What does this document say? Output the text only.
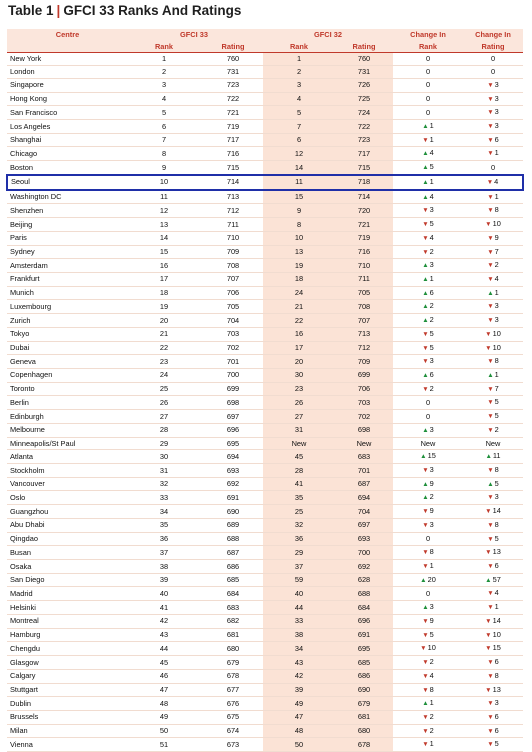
Table 1 | GFCI 33 Ranks And Ratings
Centre	GFCI 33		GFCI 32		Change In	Change In
	Rank	Rating	Rank	Rating	Rank	Rating
New York	1	760	1	760	0	0
London	2	731	2	731	0	0
Singapore	3	723	3	726	0	▼3
Hong Kong	4	722	4	725	0	▼3
San Francisco	5	721	5	724	0	▼3
Los Angeles	6	719	7	722	▲1	▼3
Shanghai	7	717	6	723	▼1	▼6
Chicago	8	716	12	717	▲4	▼1
Boston	9	715	14	715	▲5	0
Seoul	10	714	11	718	▲1	▼4
Washington DC	11	713	15	714	▲4	▼1
Shenzhen	12	712	9	720	▼3	▼8
Beijing	13	711	8	721	▼5	▼10
Paris	14	710	10	719	▼4	▼9
Sydney	15	709	13	716	▼2	▼7
Amsterdam	16	708	19	710	▲3	▼2
Frankfurt	17	707	18	711	▲1	▼4
Munich	18	706	24	705	▲6	▲1
Luxembourg	19	705	21	708	▲2	▼3
Zurich	20	704	22	707	▲2	▼3
Tokyo	21	703	16	713	▼5	▼10
Dubai	22	702	17	712	▼5	▼10
Geneva	23	701	20	709	▼3	▼8
Copenhagen	24	700	30	699	▲6	▲1
Toronto	25	699	23	706	▼2	▼7
Berlin	26	698	26	703	0	▼5
Edinburgh	27	697	27	702	0	▼5
Melbourne	28	696	31	698	▲3	▼2
Minneapolis/St Paul	29	695	New	New	New	New
Atlanta	30	694	45	683	▲15	▲11
Stockholm	31	693	28	701	▼3	▼8
Vancouver	32	692	41	687	▲9	▲5
Oslo	33	691	35	694	▲2	▼3
Guangzhou	34	690	25	704	▼9	▼14
Abu Dhabi	35	689	32	697	▼3	▼8
Qingdao	36	688	36	693	0	▼5
Busan	37	687	29	700	▼8	▼13
Osaka	38	686	37	692	▼1	▼6
San Diego	39	685	59	628	▲20	▲57
Madrid	40	684	40	688	0	▼4
Helsinki	41	683	44	684	▲3	▼1
Montreal	42	682	33	696	▼9	▼14
Hamburg	43	681	38	691	▼5	▼10
Chengdu	44	680	34	695	▼10	▼15
Glasgow	45	679	43	685	▼2	▼6
Calgary	46	678	42	686	▼4	▼8
Stuttgart	47	677	39	690	▼8	▼13
Dublin	48	676	49	679	▲1	▼3
Brussels	49	675	47	681	▼2	▼6
Milan	50	674	48	680	▼2	▼6
Vienna	51	673	50	678	▼1	▼5
